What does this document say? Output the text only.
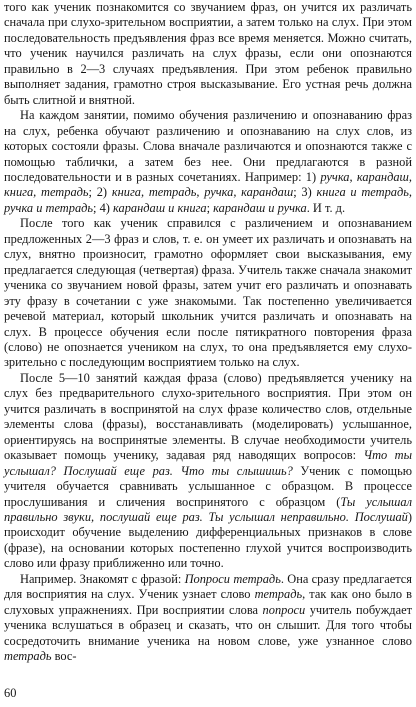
того как ученик познакомится со звучанием фраз, он учится их различать сначала при слухо-зрительном восприятии, а затем только на слух. При этом последовательность предъявления фраз все время меняется. Можно считать, что ученик научился различать на слух фразы, если они опознаются правильно в 2—3 случаях предъявления. При этом ребенок правильно выполняет задания, грамотно строя высказывание. Его устная речь должна быть слитной и внятной.

На каждом занятии, помимо обучения различению и опознаванию фраз на слух, ребенка обучают различению и опознаванию на слух слов, из которых состояли фразы. Слова вначале различаются и опознаются также с помощью таблички, а затем без нее. Они предлагаются в разной последовательности и в разных сочетаниях. Например: 1) ручка, карандаш, книга, тетрадь; 2) книга, тетрадь, ручка, карандаш; 3) книга и тетрадь, ручка и тетрадь; 4) карандаш и книга; карандаш и ручка. И т. д.

После того как ученик справился с различением и опознаванием предложенных 2—3 фраз и слов, т. е. он умеет их различать и опознавать на слух, внятно произносит, грамотно оформляет свои высказывания, ему предлагается следующая (четвертая) фраза. Учитель также сначала знакомит ученика со звучанием новой фразы, затем учит его различать и опознавать эту фразу в сочетании с уже знакомыми. Так постепенно увеличивается речевой материал, который школьник учится различать и опознавать на слух. В процессе обучения если после пятикратного повторения фраза (слово) не опознается учеником на слух, то она предъявляется ему слухо-зрительно с последующим восприятием только на слух.

После 5—10 занятий каждая фраза (слово) предъявляется ученику на слух без предварительного слухо-зрительного восприятия. При этом он учится различать в воспринятой на слух фразе количество слов, отдельные элементы слова (фразы), восстанавливать (моделировать) услышанное, ориентируясь на воспринятые элементы. В случае необходимости учитель оказывает помощь ученику, задавая ряд наводящих вопросов: Что ты услышал? Послушай еще раз. Что ты слышишь? Ученик с помощью учителя обучается сравнивать услышанное с образцом. В процессе прослушивания и сличения воспринятого с образцом (Ты услышал правильно звуки, послушай еще раз. Ты услышал неправильно. Послушай) происходит обучение выделению дифференциальных признаков в слове (фразе), на основании которых постепенно глухой учится воспроизводить слово или фразу приближенно или точно.

Например. Знакомят с фразой: Попроси тетрадь. Она сразу предлагается для восприятия на слух. Ученик узнает слово тетрадь, так как оно было в слуховых упражнениях. При восприятии слова попроси учитель побуждает ученика вслушаться в образец и сказать, что он слышит. Для того чтобы сосредоточить внимание ученика на новом слове, уже узнанное слово тетрадь вос-

60
